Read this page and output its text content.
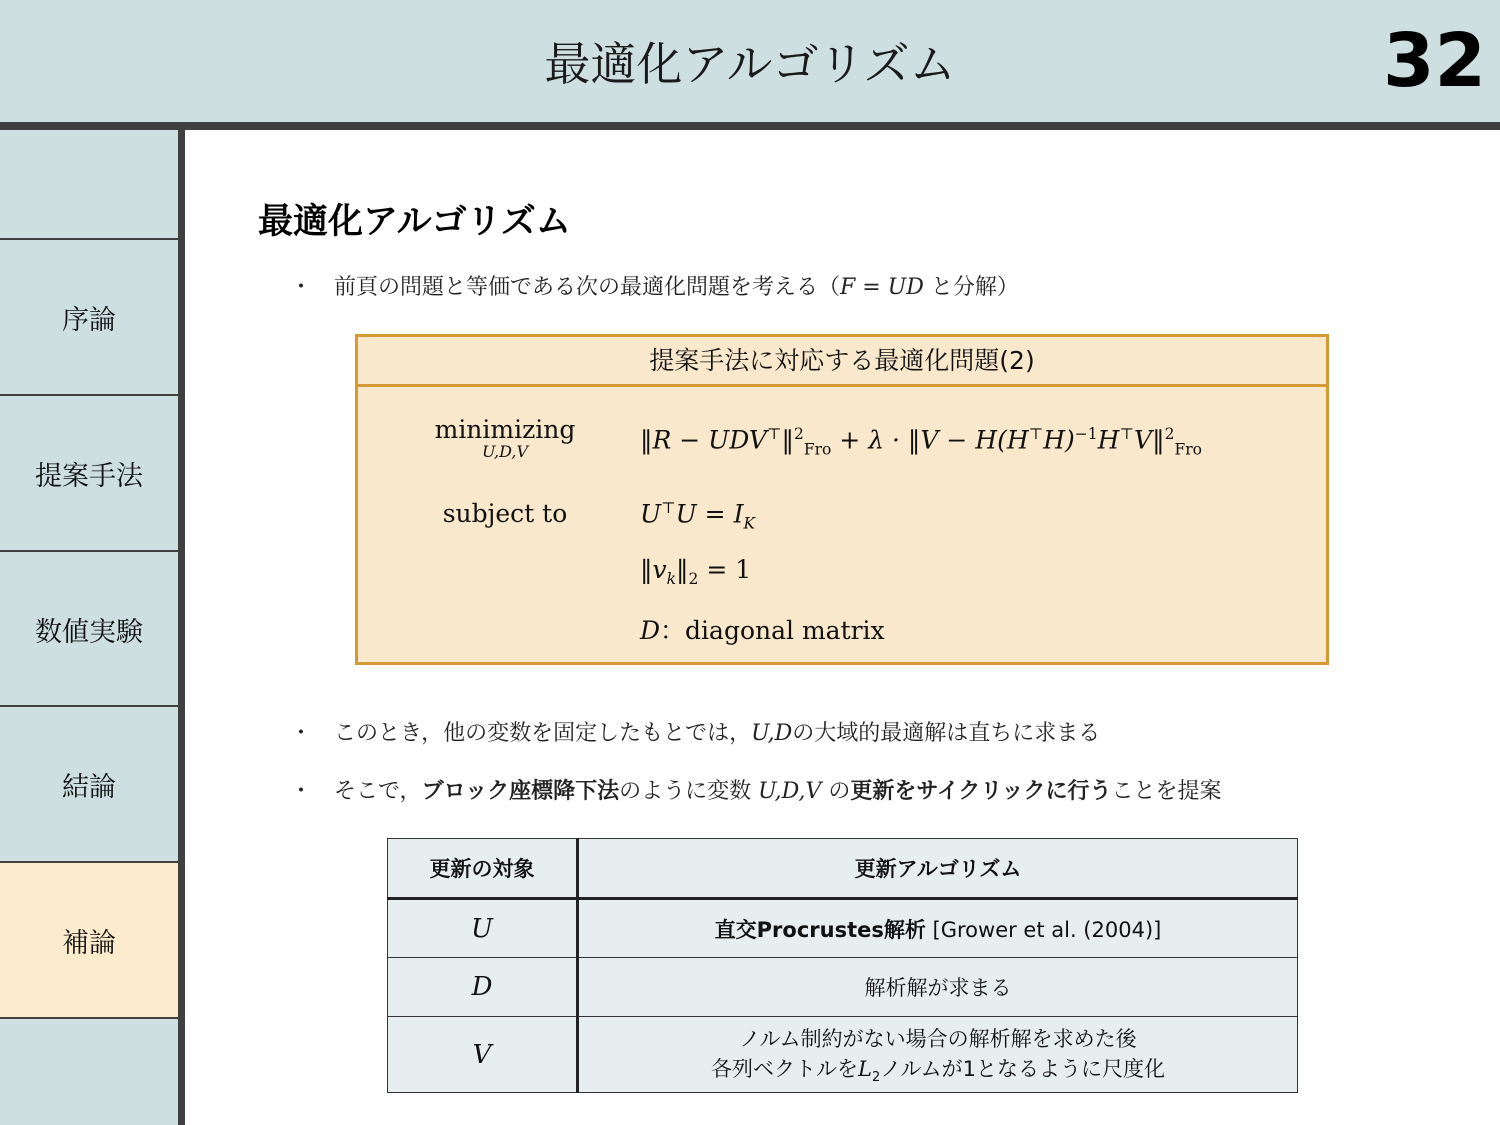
最適化アルゴリズム	32
序論
提案手法
数値実験
結論
補論
最適化アルゴリズム
・ 前頁の問題と等価である次の最適化問題を考える（F = UD と分解）
提案手法に対応する最適化問題(2)
minimizing
U,D,V	‖R − UDV⊤‖$^2_{Fro}$ + λ · ‖V − $H(H^⊤H)^{-1}H^⊤V‖^2_{Fro}$
subject to	$U^⊤U = I_K$
$‖v_k‖_2 = 1$
D：diagonal matrix
・ このとき，他の変数を固定したもとでは，U,Dの大域的最適解は直ちに求まる
・ そこで，ブロック座標降下法のように変数 U,D,V の更新をサイクリックに行うことを提案
更新の対象	更新アルゴリズム
U	直交Procrustes解析 [Grower et al. (2004)]
D	解析解が求まる
V	ノルム制約がない場合の解析解を求めた後
各列ベクトルを$L_2$ノルムが1となるように尺度化
